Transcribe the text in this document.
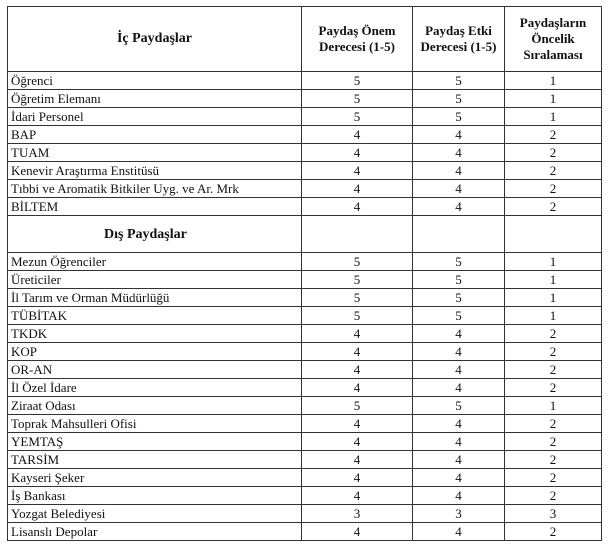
İç Paydaşlar	Paydaş Önem Derecesi (1-5)	Paydaş Etki Derecesi (1-5)	Paydaşların Öncelik Sıralaması
Öğrenci	5	5	1
Öğretim Elemanı	5	5	1
İdari Personel	5	5	1
BAP	4	4	2
TUAM	4	4	2
Kenevir Araştırma Enstitüsü	4	4	2
Tıbbi ve Aromatik Bitkiler Uyg. ve Ar. Mrk	4	4	2
BİLTEM	4	4	2
Dış Paydaşlar			
Mezun Öğrenciler	5	5	1
Üreticiler	5	5	1
İl Tarım ve Orman Müdürlüğü	5	5	1
TÜBİTAK	5	5	1
TKDK	4	4	2
KOP	4	4	2
OR-AN	4	4	2
İl Özel İdare	4	4	2
Ziraat Odası	5	5	1
Toprak Mahsulleri Ofisi	4	4	2
YEMTAŞ	4	4	2
TARSİM	4	4	2
Kayseri Şeker	4	4	2
İş Bankası	4	4	2
Yozgat Belediyesi	3	3	3
Lisanslı Depolar	4	4	2
